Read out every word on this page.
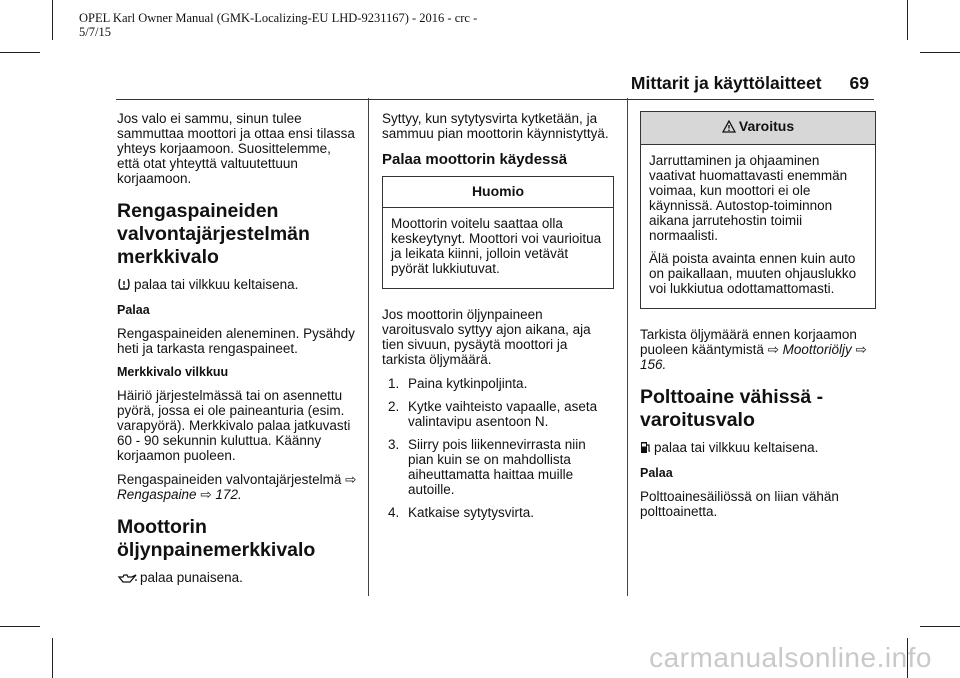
OPEL Karl Owner Manual (GMK-Localizing-EU LHD-9231167) - 2016 - crc -
5/7/15
Mittarit ja käyttölaitteet 69

Jos valo ei sammu, sinun tulee sammuttaa moottori ja ottaa ensi tilassa yhteys korjaamoon. Suosittelemme, että otat yhteyttä valtuutettuun korjaamoon.

Rengaspaineiden valvontajärjestelmän merkkivalo

palaa tai vilkkuu keltaisena.

Palaa

Rengaspaineiden aleneminen. Pysähdy heti ja tarkasta rengaspaineet.

Merkkivalo vilkkuu

Häiriö järjestelmässä tai on asennettu pyörä, jossa ei ole paineanturia (esim. varapyörä). Merkkivalo palaa jatkuvasti 60 - 90 sekunnin kuluttua. Käänny korjaamon puoleen.

Rengaspaineiden valvontajärjestelmä ⇨ Rengaspaine ⇨ 172.

Moottorin öljynpainemerkkivalo

palaa punaisena.

Syttyy, kun sytytysvirta kytketään, ja sammuu pian moottorin käynnistyttyä.

Palaa moottorin käydessä
Huomio

Moottorin voitelu saattaa olla keskeytynyt. Moottori voi vaurioitua ja leikata kiinni, jolloin vetävät pyörät lukkiutuvat.

Jos moottorin öljynpaineen varoitusvalo syttyy ajon aikana, aja tien sivuun, pysäytä moottori ja tarkista öljymäärä.

1. Paina kytkinpoljinta.
2. Kytke vaihteisto vapaalle, aseta valintavipu asentoon N.
3. Siirry pois liikennevirrasta niin pian kuin se on mahdollista aiheuttamatta haittaa muille autoille.
4. Katkaise sytytysvirta.
Varoitus

Jarruttaminen ja ohjaaminen vaativat huomattavasti enemmän voimaa, kun moottori ei ole käynnissä. Autostop-toiminnon aikana jarrutehostin toimii normaalisti.

Älä poista avainta ennen kuin auto on paikallaan, muuten ohjauslukko voi lukkiutua odottamattomasti.

Tarkista öljymäärä ennen korjaamon puoleen kääntymistä ⇨ Moottoriöljy ⇨ 156.

Polttoaine vähissä -varoitusvalo

palaa tai vilkkuu keltaisena.

Palaa

Polttoainesäiliössä on liian vähän polttoainetta.

carmanualsonline.info
